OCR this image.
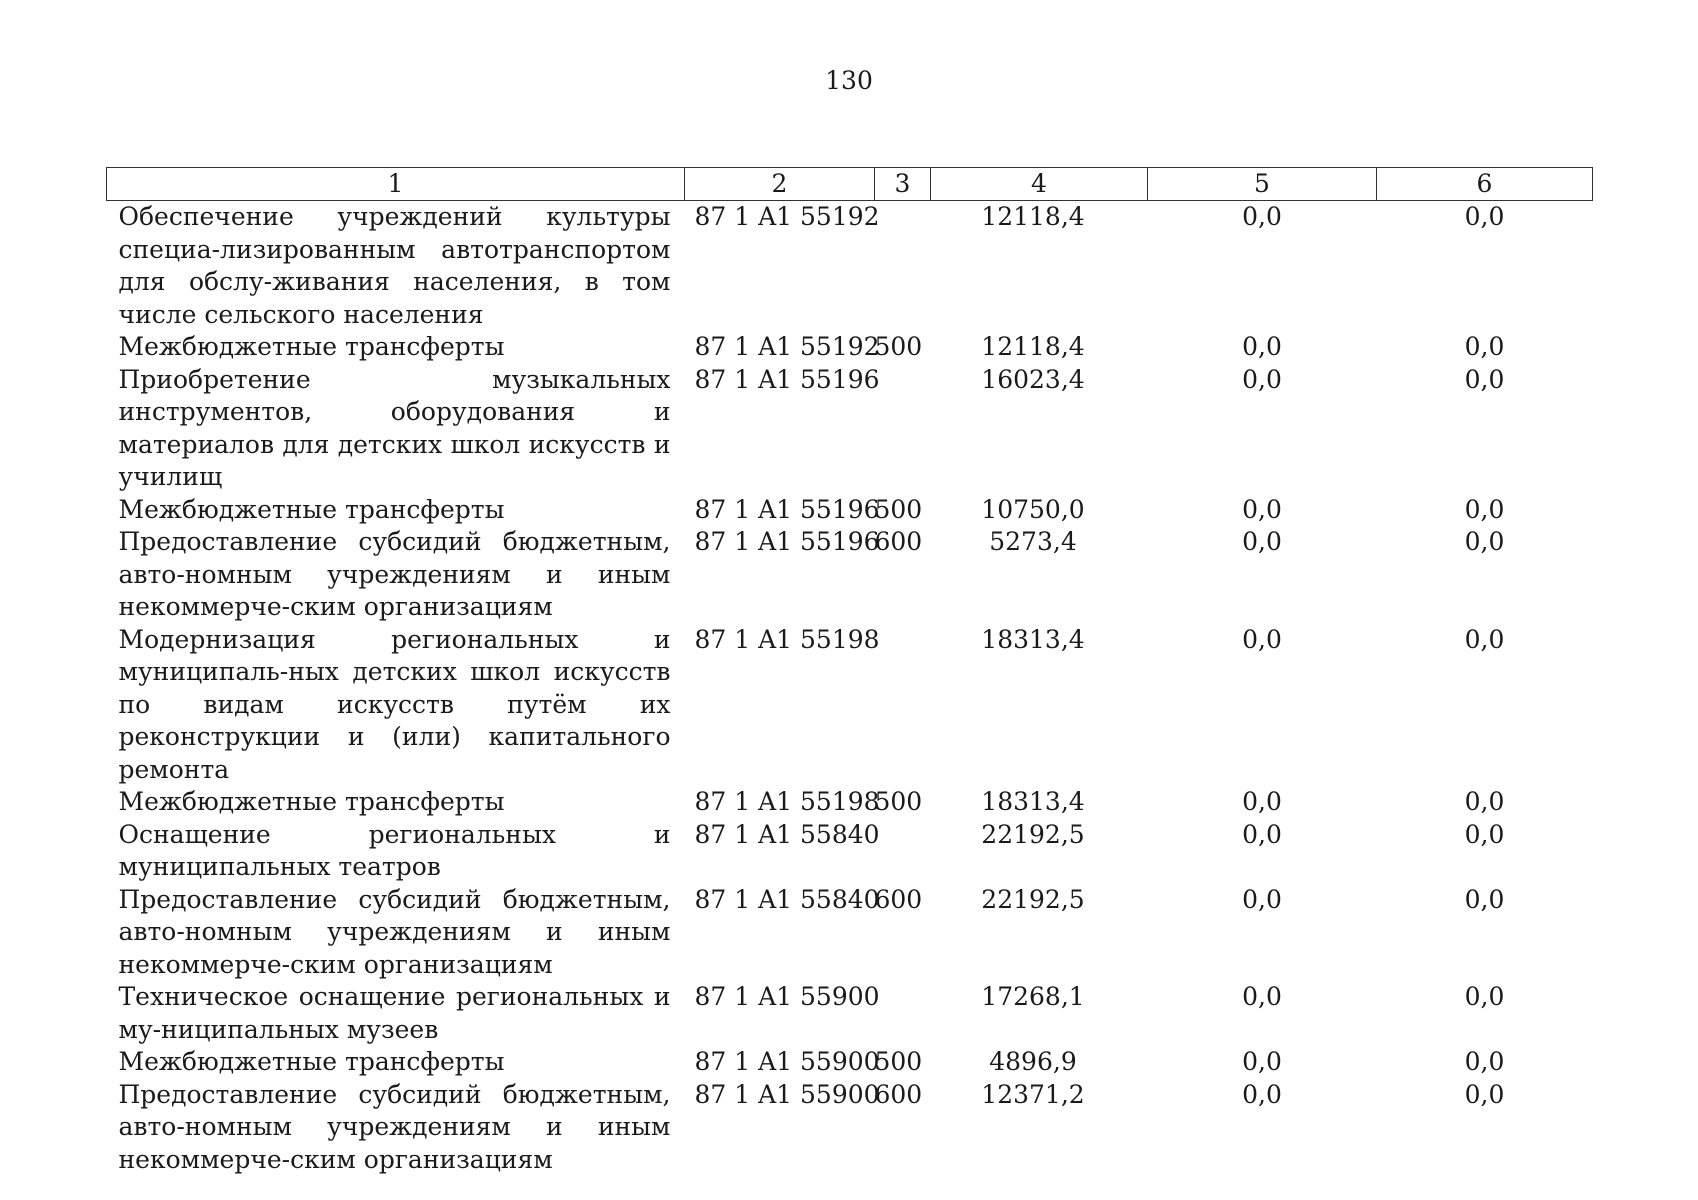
130
1	2	3	4	5	6
Обеспечение учреждений культуры специа-лизированным автотранспортом для обслу-живания населения, в том числе сельского населения	87 1 A1 55192		12118,4	0,0	0,0
Межбюджетные трансферты	87 1 A1 55192	500	12118,4	0,0	0,0
Приобретение музыкальных инструментов, оборудования и материалов для детских школ искусств и училищ	87 1 A1 55196		16023,4	0,0	0,0
Межбюджетные трансферты	87 1 A1 55196	500	10750,0	0,0	0,0
Предоставление субсидий бюджетным, авто-номным учреждениям и иным некоммерче-ским организациям	87 1 A1 55196	600	5273,4	0,0	0,0
Модернизация региональных и муниципаль-ных детских школ искусств по видам искусств путём их реконструкции и (или) капитального ремонта	87 1 A1 55198		18313,4	0,0	0,0
Межбюджетные трансферты	87 1 A1 55198	500	18313,4	0,0	0,0
Оснащение региональных и муниципальных театров	87 1 A1 55840		22192,5	0,0	0,0
Предоставление субсидий бюджетным, авто-номным учреждениям и иным некоммерче-ским организациям	87 1 A1 55840	600	22192,5	0,0	0,0
Техническое оснащение региональных и му-ниципальных музеев	87 1 A1 55900		17268,1	0,0	0,0
Межбюджетные трансферты	87 1 A1 55900	500	4896,9	0,0	0,0
Предоставление субсидий бюджетным, авто-номным учреждениям и иным некоммерче-ским организациям	87 1 A1 55900	600	12371,2	0,0	0,0
